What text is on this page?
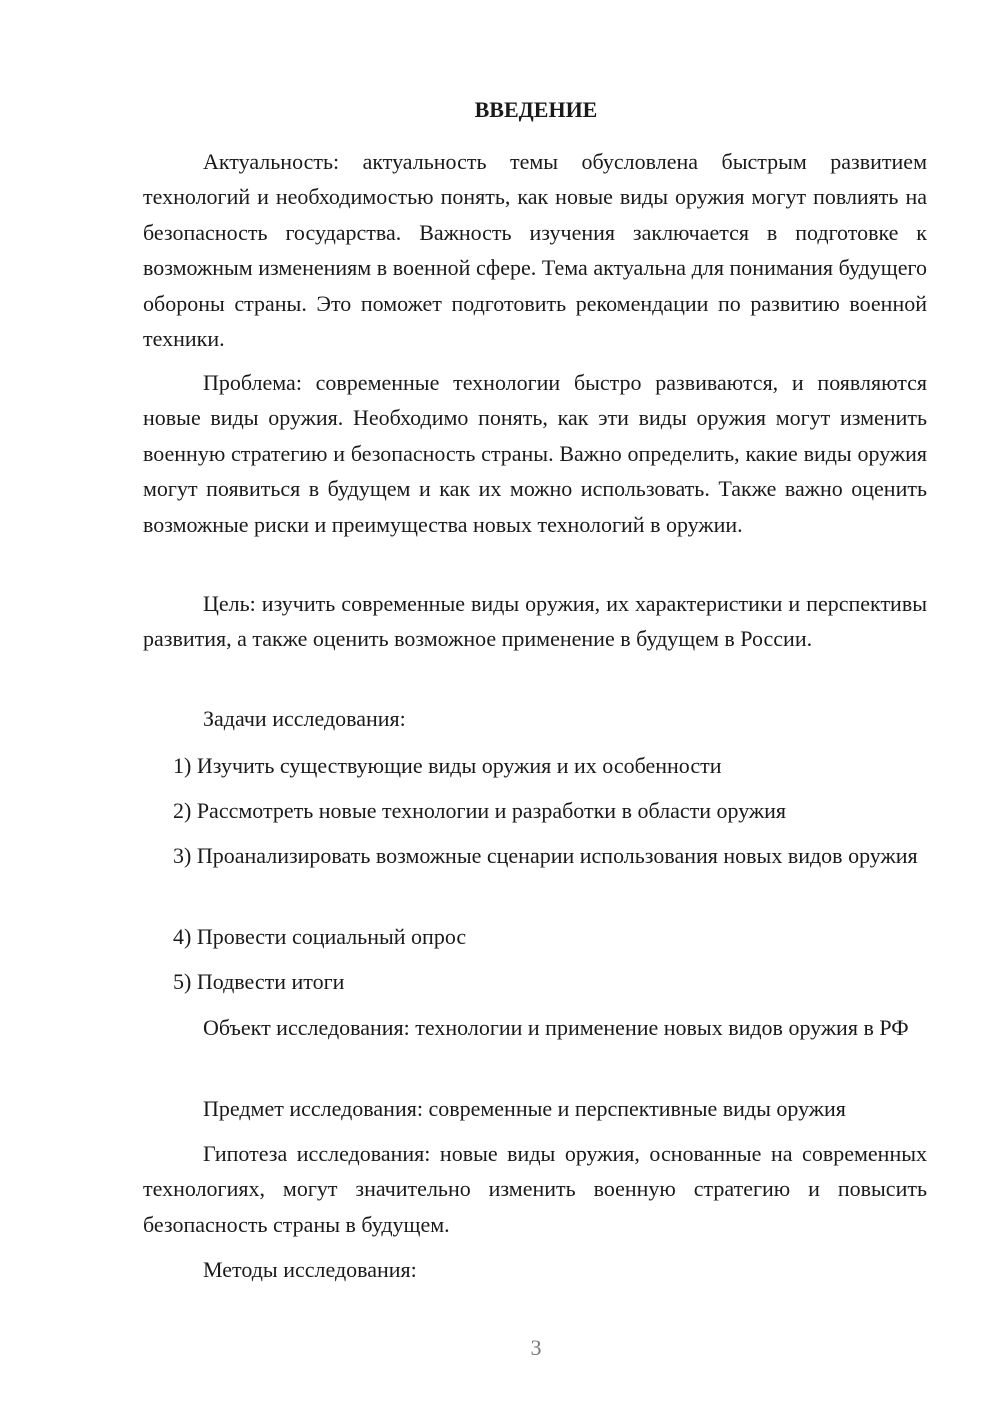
ВВЕДЕНИЕ

Актуальность: актуальность темы обусловлена быстрым развитием технологий и необходимостью понять, как новые виды оружия могут повлиять на безопасность государства. Важность изучения заключается в подготовке к возможным изменениям в военной сфере. Тема актуальна для понимания будущего обороны страны. Это поможет подготовить рекомендации по развитию военной техники.

Проблема: современные технологии быстро развиваются, и появляются новые виды оружия. Необходимо понять, как эти виды оружия могут изменить военную стратегию и безопасность страны. Важно определить, какие виды оружия могут появиться в будущем и как их можно использовать. Также важно оценить возможные риски и преимущества новых технологий в оружии.

Цель: изучить современные виды оружия, их характеристики и перспективы развития, а также оценить возможное применение в будущем в России.

Задачи исследования:

1) Изучить существующие виды оружия и их особенности

2) Рассмотреть новые технологии и разработки в области оружия

3) Проанализировать возможные сценарии использования новых видов оружия

4) Провести социальный опрос

5) Подвести итоги

Объект исследования: технологии и применение новых видов оружия в РФ

Предмет исследования: современные и перспективные виды оружия

Гипотеза исследования: новые виды оружия, основанные на современных технологиях, могут значительно изменить военную стратегию и повысить безопасность страны в будущем.

Методы исследования:

3
